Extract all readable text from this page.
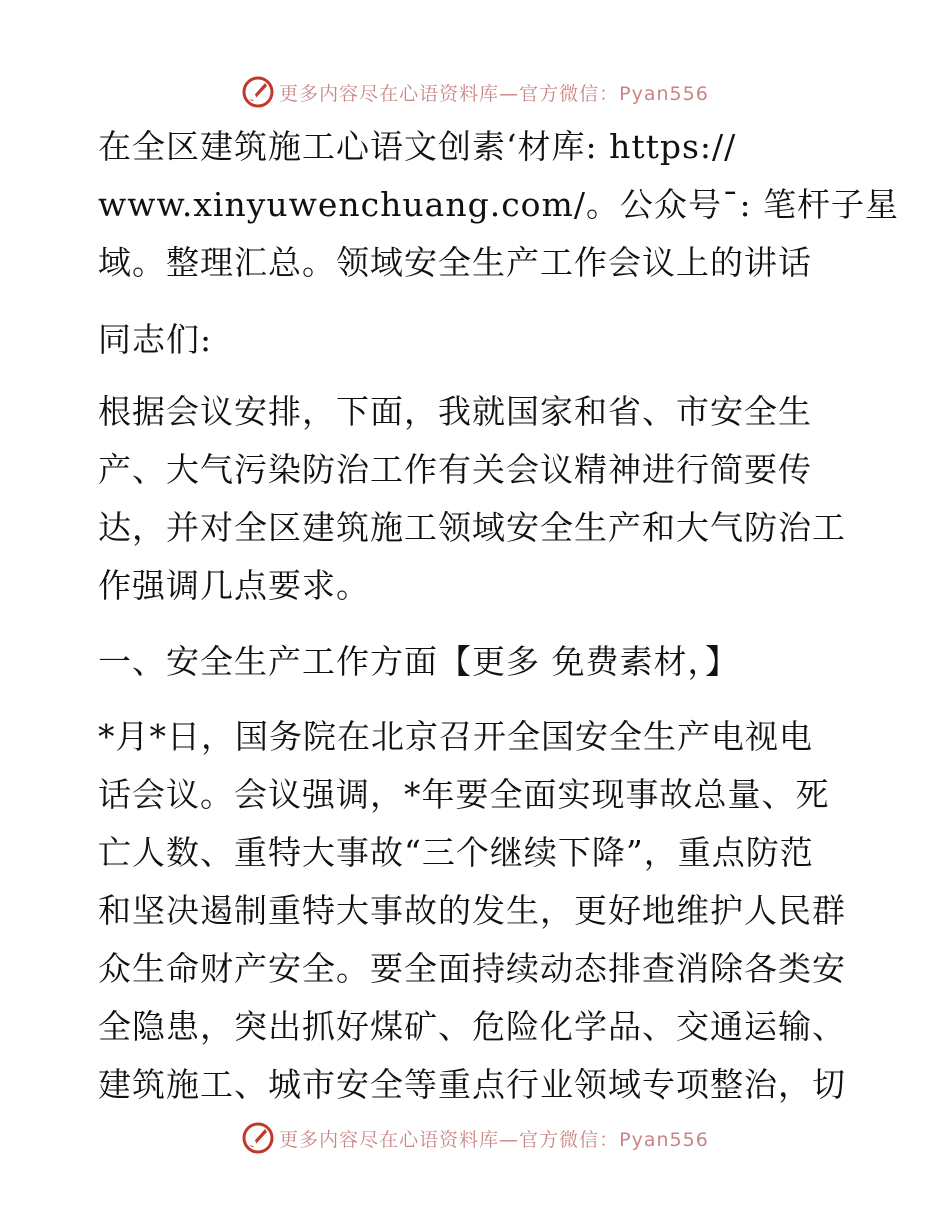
更多内容尽在心语资料库—官方微信：Pyan556
在全区建筑施工心语文创素‘材库: https://
www.xinyuwenchuang.com/。公众号¯: 笔杆子星
域。整理汇总。领域安全生产工作会议上的讲话
同志们:
根据会议安排，下面，我就国家和省、市安全生
产、大气污染防治工作有关会议精神进行简要传
达，并对全区建筑施工领域安全生产和大气防治工
作强调几点要求。
一、安全生产工作方面【更多 免费素材，】
*月*日，国务院在北京召开全国安全生产电视电
话会议。会议强调，*年要全面实现事故总量、死
亡人数、重特大事故“三个继续下降”，重点防范
和坚决遏制重特大事故的发生，更好地维护人民群
众生命财产安全。要全面持续动态排查消除各类安
全隐患，突出抓好煤矿、危险化学品、交通运输、
建筑施工、城市安全等重点行业领域专项整治，切
更多内容尽在心语资料库—官方微信：Pyan556
